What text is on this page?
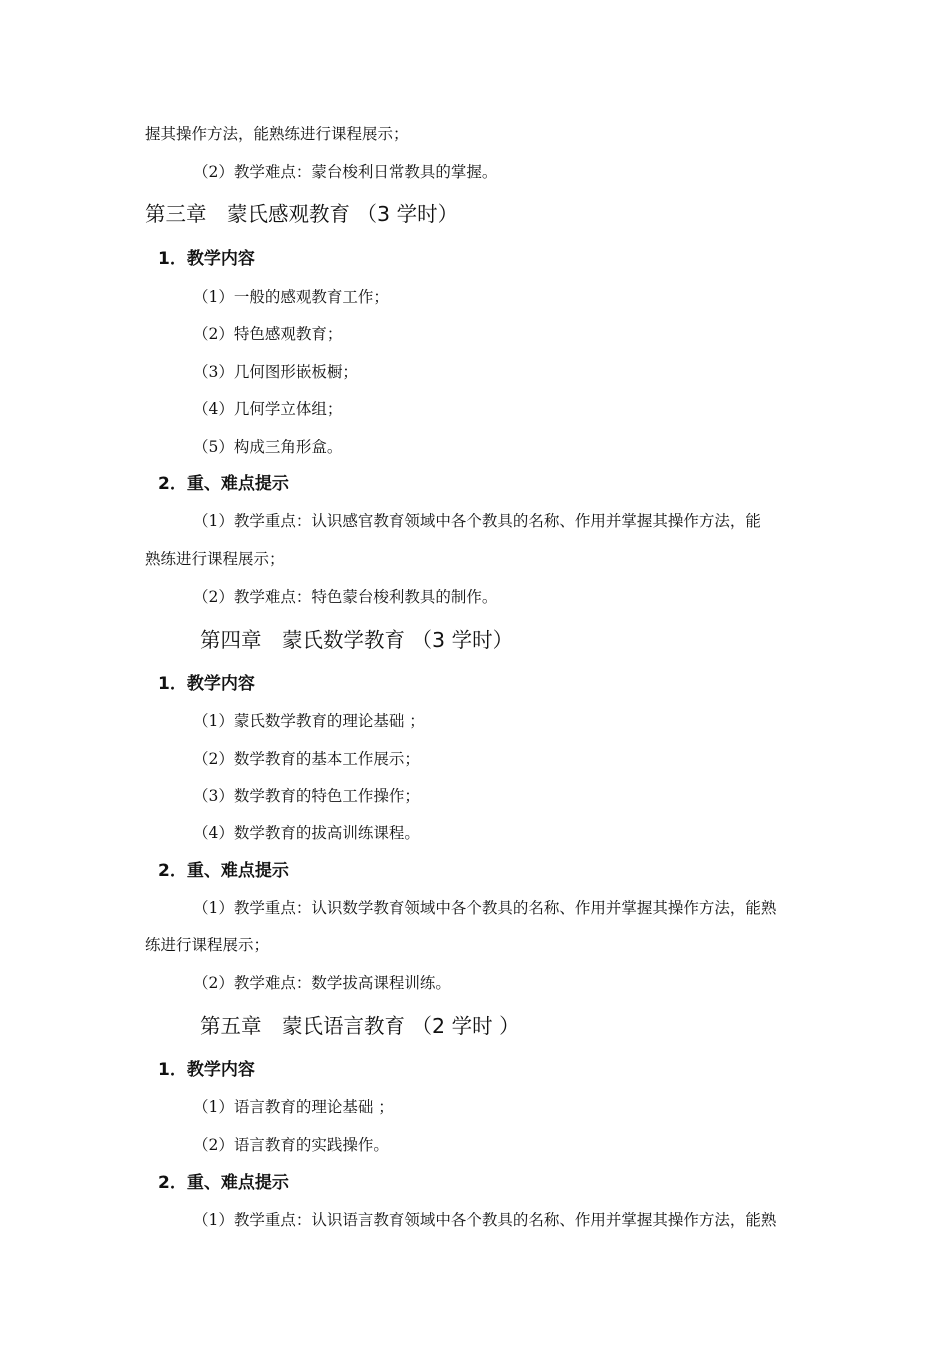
握其操作方法，能熟练进行课程展示；
（2）教学难点：蒙台梭利日常教具的掌握。
第三章　蒙氏感观教育 （3 学时）
1．教学内容
（1）一般的感观教育工作；
（2）特色感观教育；
（3）几何图形嵌板橱；
（4）几何学立体组；
（5）构成三角形盒。
2．重、难点提示
（1）教学重点：认识感官教育领域中各个教具的名称、作用并掌握其操作方法，能
熟练进行课程展示；
（2）教学难点：特色蒙台梭利教具的制作。
第四章　蒙氏数学教育 （3 学时）
1．教学内容
（1）蒙氏数学教育的理论基础 ；
（2）数学教育的基本工作展示；
（3）数学教育的特色工作操作；
（4）数学教育的拔高训练课程。
2．重、难点提示
（1）教学重点：认识数学教育领域中各个教具的名称、作用并掌握其操作方法，能熟
练进行课程展示；
（2）教学难点：数学拔高课程训练。
第五章　蒙氏语言教育 （2 学时 ）
1．教学内容
（1）语言教育的理论基础 ；
（2）语言教育的实践操作。
2．重、难点提示
（1）教学重点：认识语言教育领域中各个教具的名称、作用并掌握其操作方法，能熟
